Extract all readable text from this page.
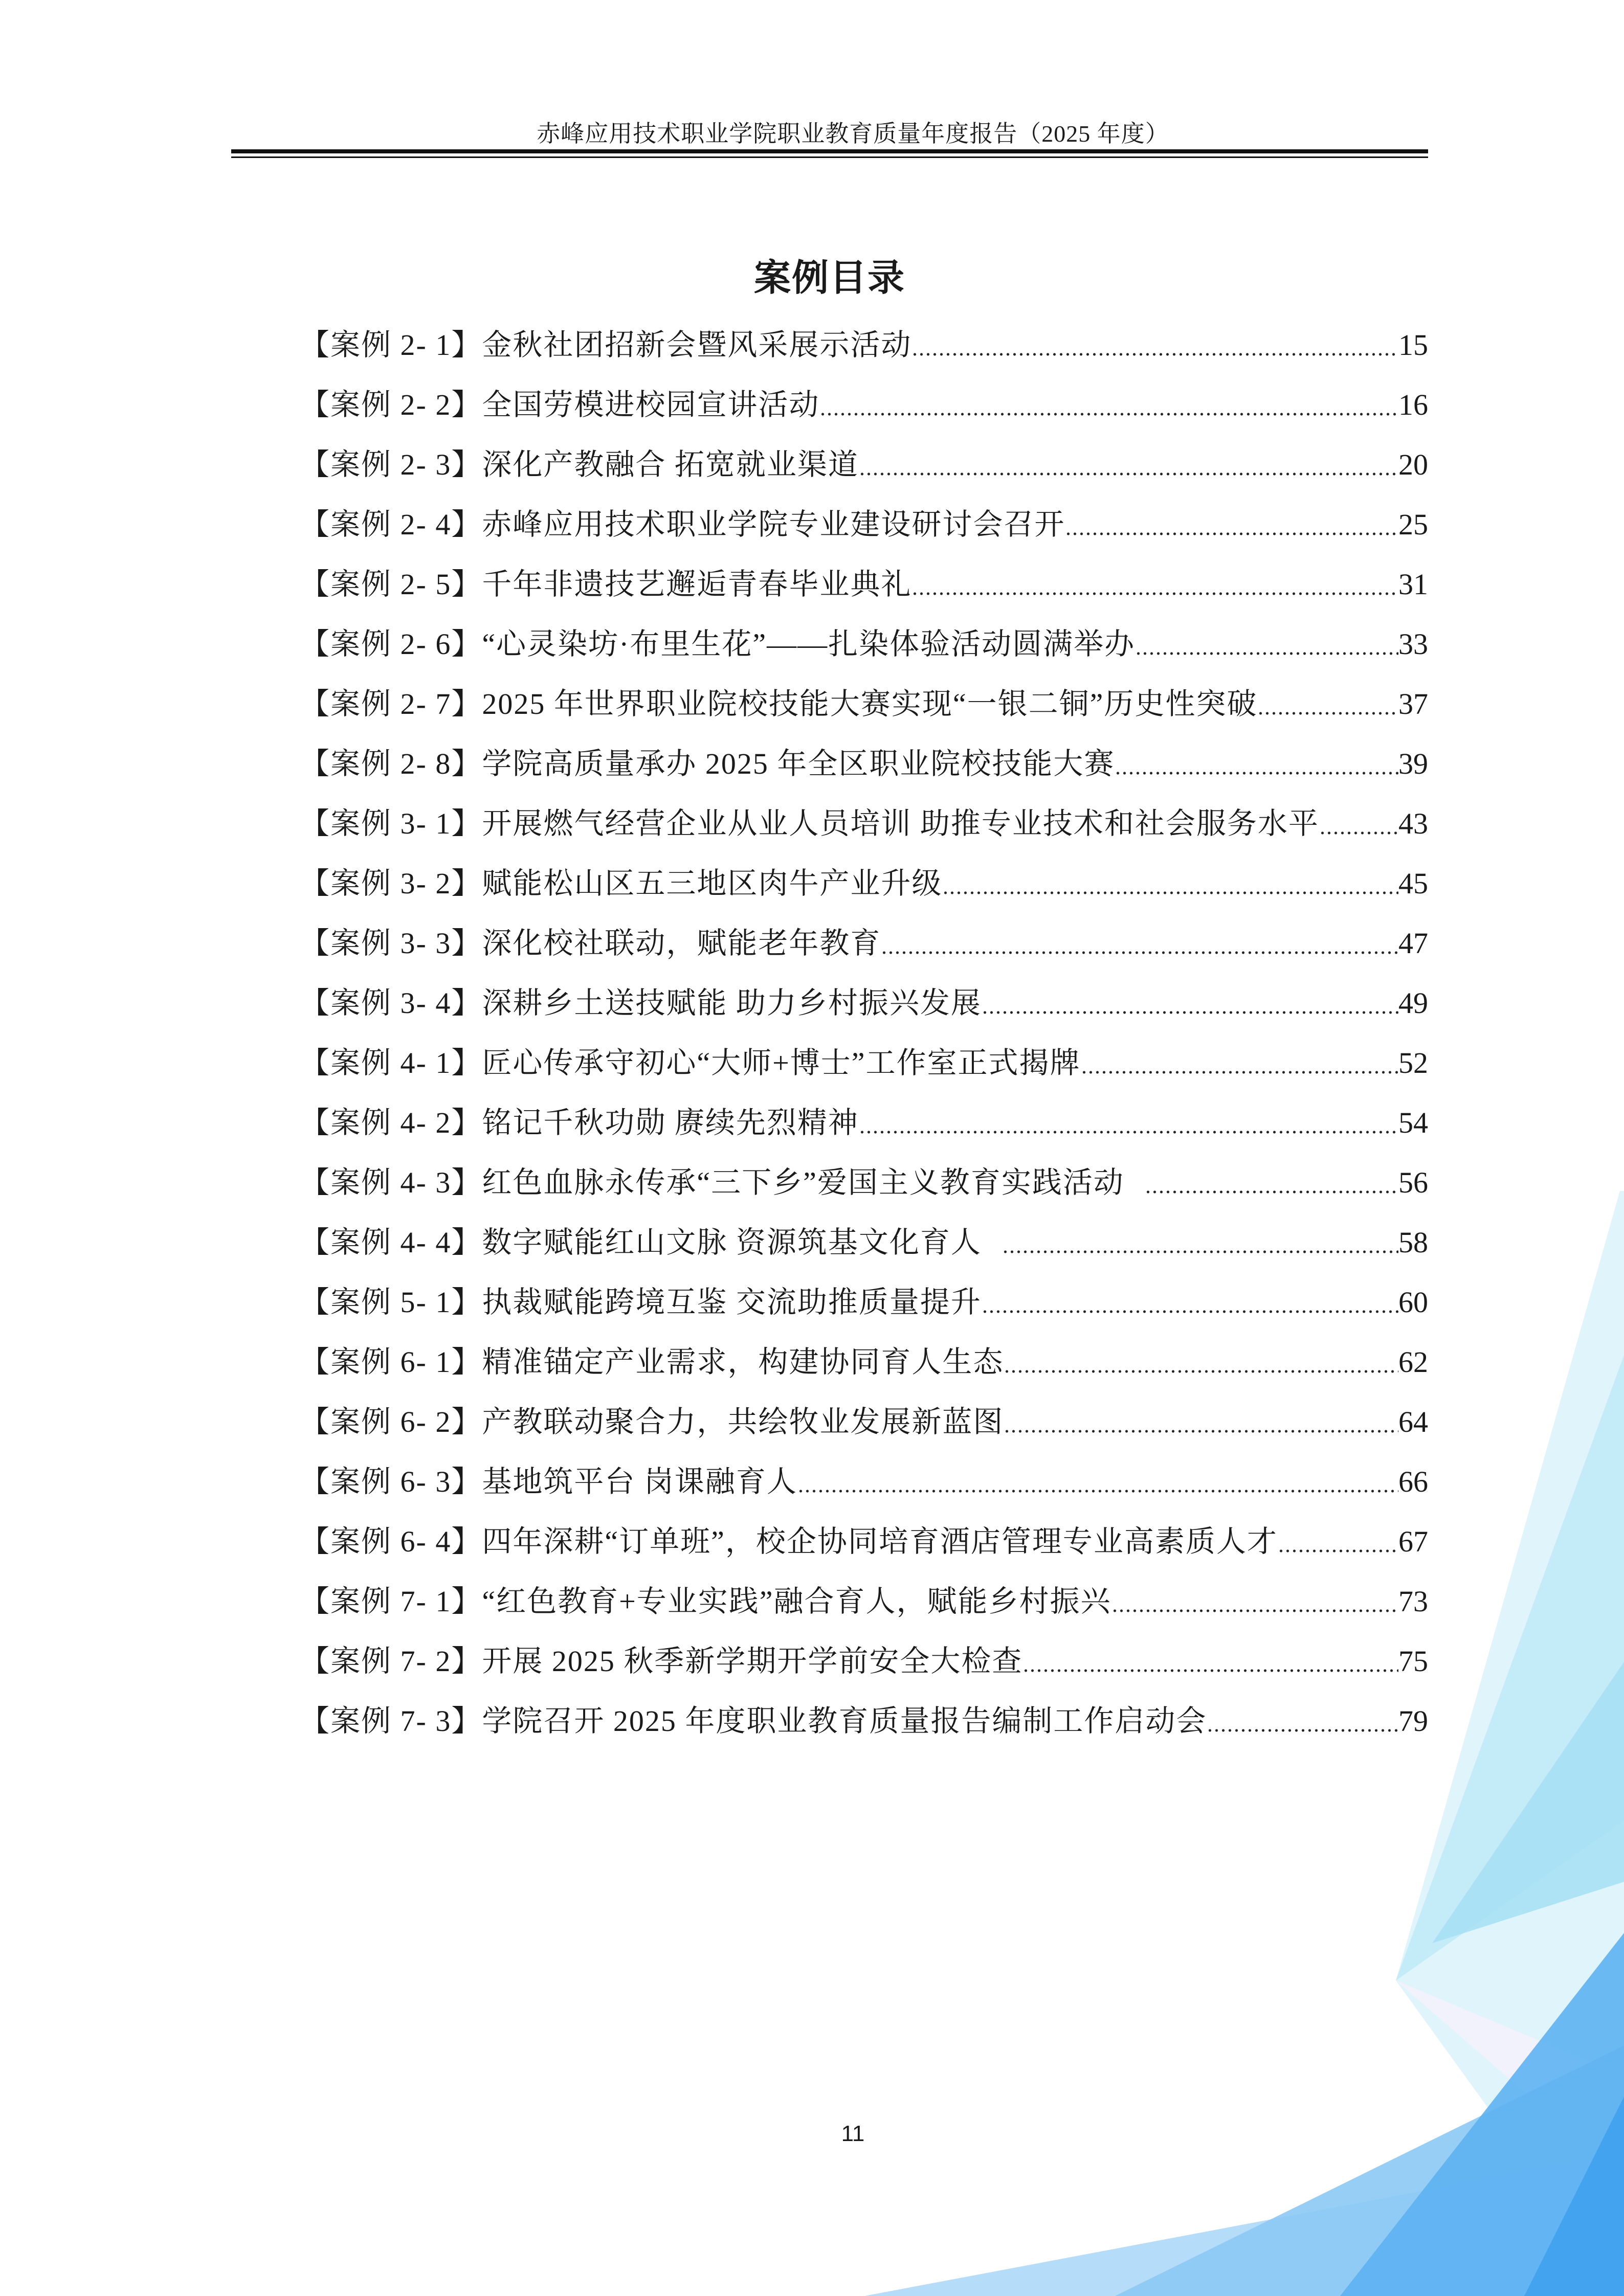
赤峰应用技术职业学院职业教育质量年度报告（2025 年度）
案例目录
【案例 2- 1】 金秋社团招新会暨风采展示活动	15
【案例 2- 2】 全国劳模进校园宣讲活动	16
【案例 2- 3】 深化产教融合 拓宽就业渠道	20
【案例 2- 4】 赤峰应用技术职业学院专业建设研讨会召开	25
【案例 2- 5】 千年非遗技艺邂逅青春毕业典礼	31
【案例 2- 6】 “心灵染坊·布里生花”——扎染体验活动圆满举办	33
【案例 2- 7】 2025 年世界职业院校技能大赛实现“一银二铜”历史性突破	37
【案例 2- 8】 学院高质量承办 2025 年全区职业院校技能大赛	39
【案例 3- 1】 开展燃气经营企业从业人员培训 助推专业技术和社会服务水平	43
【案例 3- 2】 赋能松山区五三地区肉牛产业升级	45
【案例 3- 3】 深化校社联动，赋能老年教育	47
【案例 3- 4】 深耕乡土送技赋能 助力乡村振兴发展	49
【案例 4- 1】 匠心传承守初心“大师+博士”工作室正式揭牌	52
【案例 4- 2】 铭记千秋功勋 赓续先烈精神	54
【案例 4- 3】 红色血脉永传承“三下乡”爱国主义教育实践活动	56
【案例 4- 4】 数字赋能红山文脉 资源筑基文化育人	58
【案例 5- 1】 执裁赋能跨境互鉴 交流助推质量提升	60
【案例 6- 1】 精准锚定产业需求，构建协同育人生态	62
【案例 6- 2】 产教联动聚合力，共绘牧业发展新蓝图	64
【案例 6- 3】 基地筑平台 岗课融育人	66
【案例 6- 4】 四年深耕“订单班”，校企协同培育酒店管理专业高素质人才	67
【案例 7- 1】 “红色教育+专业实践”融合育人，赋能乡村振兴	73
【案例 7- 2】 开展 2025 秋季新学期开学前安全大检查	75
【案例 7- 3】 学院召开 2025 年度职业教育质量报告编制工作启动会	79
11
